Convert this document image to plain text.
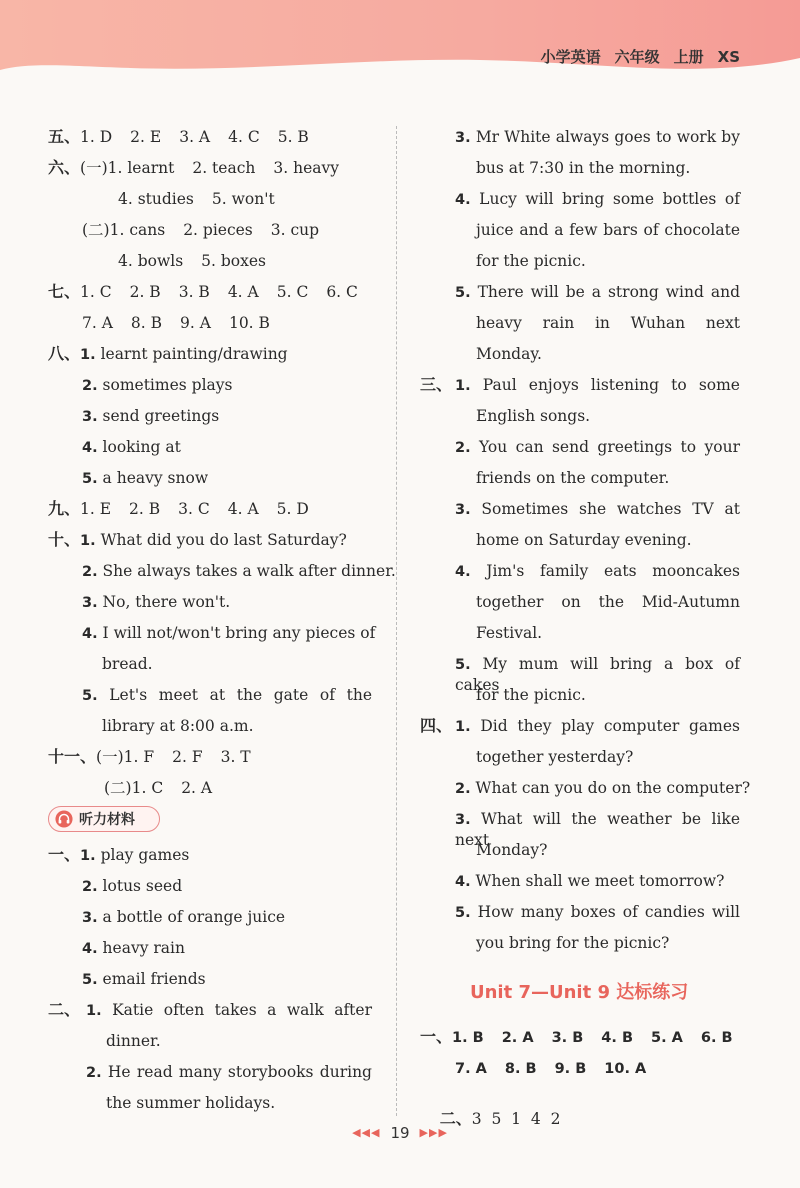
小学英语 六年级 上册 XS
五、1. D 2. E 3. A 4. C 5. B
六、(一)1. learnt 2. teach 3. heavy
4. studies 5. won't
(二)1. cans 2. pieces 3. cup
4. bowls 5. boxes
七、1. C 2. B 3. B 4. A 5. C 6. C
7. A 8. B 9. A 10. B
八、1. learnt painting/drawing
2. sometimes plays
3. send greetings
4. looking at
5. a heavy snow
九、1. E 2. B 3. C 4. A 5. D
十、1. What did you do last Saturday?
2. She always takes a walk after dinner.
3. No, there won't.
4. I will not/won't bring any pieces of
bread.
5. Let's meet at the gate of the
library at 8:00 a.m.
十一、(一)1. F 2. F 3. T
(二)1. C 2. A
听力材料
一、1. play games
2. lotus seed
3. a bottle of orange juice
4. heavy rain
5. email friends
二、 1. Katie often takes a walk after
dinner.
2. He read many storybooks during
the summer holidays.
3. Mr White always goes to work by
bus at 7:30 in the morning.
4. Lucy will bring some bottles of
juice and a few bars of chocolate
for the picnic.
5. There will be a strong wind and
heavy rain in Wuhan next
Monday.
三、 1. Paul enjoys listening to some
English songs.
2. You can send greetings to your
friends on the computer.
3. Sometimes she watches TV at
home on Saturday evening.
4. Jim's family eats mooncakes
together on the Mid-Autumn
Festival.
5. My mum will bring a box of cakes
for the picnic.
四、 1. Did they play computer games
together yesterday?
2. What can you do on the computer?
3. What will the weather be like next
Monday?
4. When shall we meet tomorrow?
5. How many boxes of candies will
you bring for the picnic?
Unit 7—Unit 9 达标练习
一、1. B 2. A 3. B 4. B 5. A 6. B
7. A 8. B 9. B 10. A

二、3  5  1  4  2

◀◀◀ 19 ▶▶▶
